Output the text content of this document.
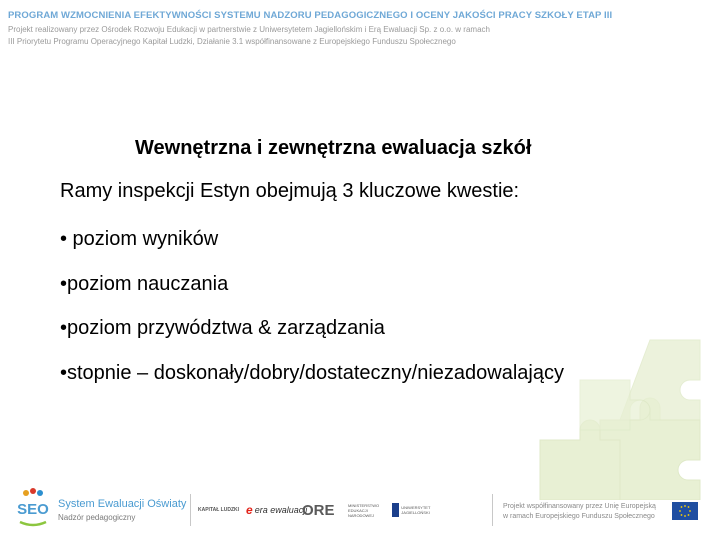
PROGRAM WZMOCNIENIA EFEKTYWNOŚCI SYSTEMU NADZORU PEDAGOGICZNEGO I OCENY JAKOŚCI PRACY SZKOŁY ETAP III
Projekt realizowany przez Ośrodek Rozwoju Edukacji w partnerstwie z Uniwersytetem Jagiellońskim i Erą Ewaluacji Sp. z o.o. w ramach
III Priorytetu Programu Operacyjnego Kapitał Ludzki, Działanie 3.1 współfinansowane z Europejskiego Funduszu Społecznego
Wewnętrzna i zewnętrzna ewaluacja szkół
Ramy inspekcji Estyn obejmują 3 kluczowe kwestie:
• poziom wyników
•poziom nauczania
•poziom przywództwa & zarządzania
•stopnie – doskonały/dobry/dostateczny/niezadowalający
SEO System Ewaluacji Oświaty
Nadzór pedagogiczny
KAPITAŁ LUDZKI e era ewaluacji
ORE	MINISTERSTWO EDUKACJI NARODOWEJ
UNIWERSYTET JAGIELLOŃSKI
Projekt współfinansowany przez Unię Europejską
w ramach Europejskiego Funduszu Społecznego
